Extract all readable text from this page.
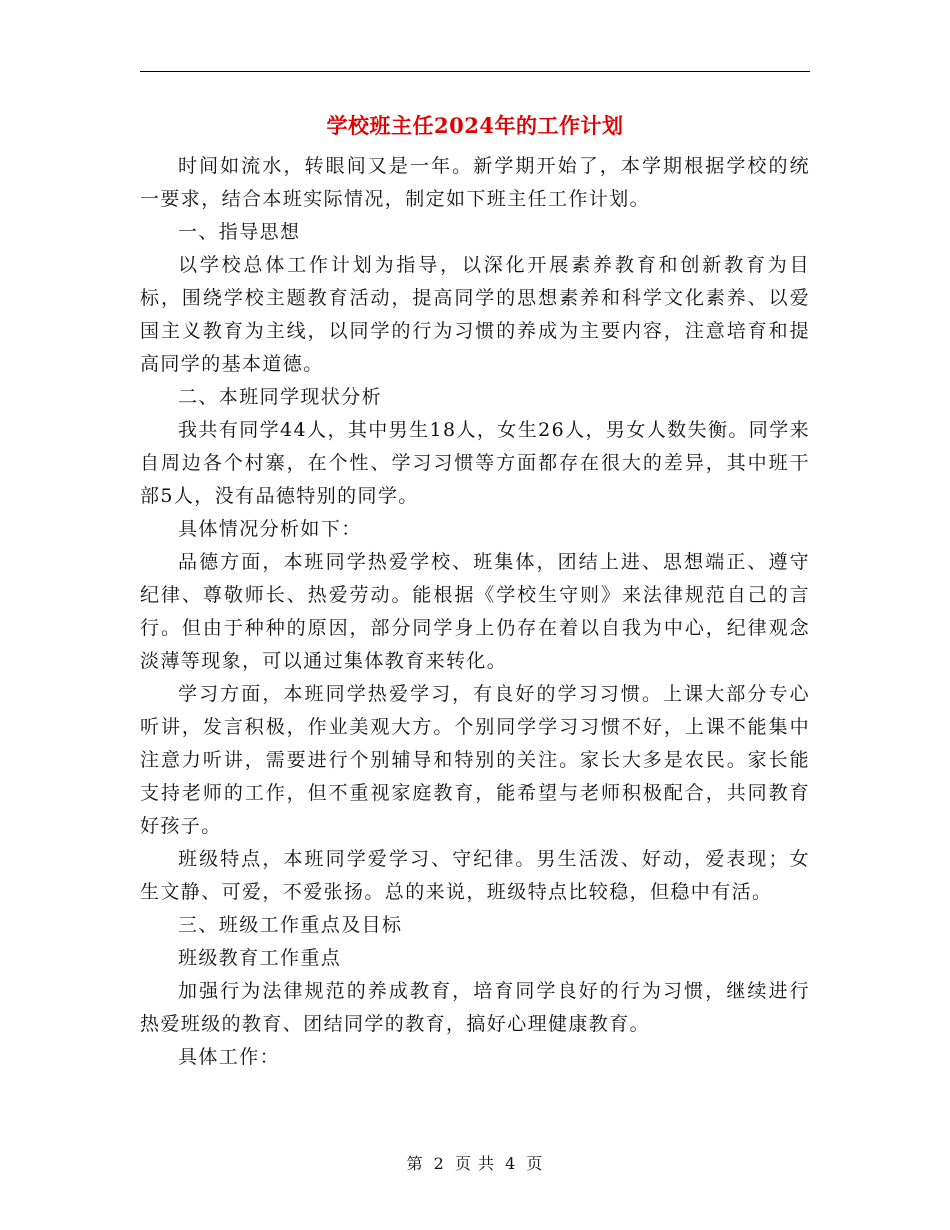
学校班主任2024年的工作计划

时间如流水，转眼间又是一年。新学期开始了，本学期根据学校的统一要求，结合本班实际情况，制定如下班主任工作计划。

一、指导思想

以学校总体工作计划为指导，以深化开展素养教育和创新教育为目标，围绕学校主题教育活动，提高同学的思想素养和科学文化素养、以爱国主义教育为主线，以同学的行为习惯的养成为主要内容，注意培育和提高同学的基本道德。

二、本班同学现状分析

我共有同学44人，其中男生18人，女生26人，男女人数失衡。同学来自周边各个村寨，在个性、学习习惯等方面都存在很大的差异，其中班干部5人，没有品德特别的同学。

具体情况分析如下：

品德方面，本班同学热爱学校、班集体，团结上进、思想端正、遵守纪律、尊敬师长、热爱劳动。能根据《学校生守则》来法律规范自己的言行。但由于种种的原因，部分同学身上仍存在着以自我为中心，纪律观念淡薄等现象，可以通过集体教育来转化。

学习方面，本班同学热爱学习，有良好的学习习惯。上课大部分专心听讲，发言积极，作业美观大方。个别同学学习习惯不好，上课不能集中注意力听讲，需要进行个别辅导和特别的关注。家长大多是农民。家长能支持老师的工作，但不重视家庭教育，能希望与老师积极配合，共同教育好孩子。

班级特点，本班同学爱学习、守纪律。男生活泼、好动，爱表现；女生文静、可爱，不爱张扬。总的来说，班级特点比较稳，但稳中有活。

三、班级工作重点及目标

班级教育工作重点

加强行为法律规范的养成教育，培育同学良好的行为习惯，继续进行热爱班级的教育、团结同学的教育，搞好心理健康教育。

具体工作：

第 2 页 共 4 页
